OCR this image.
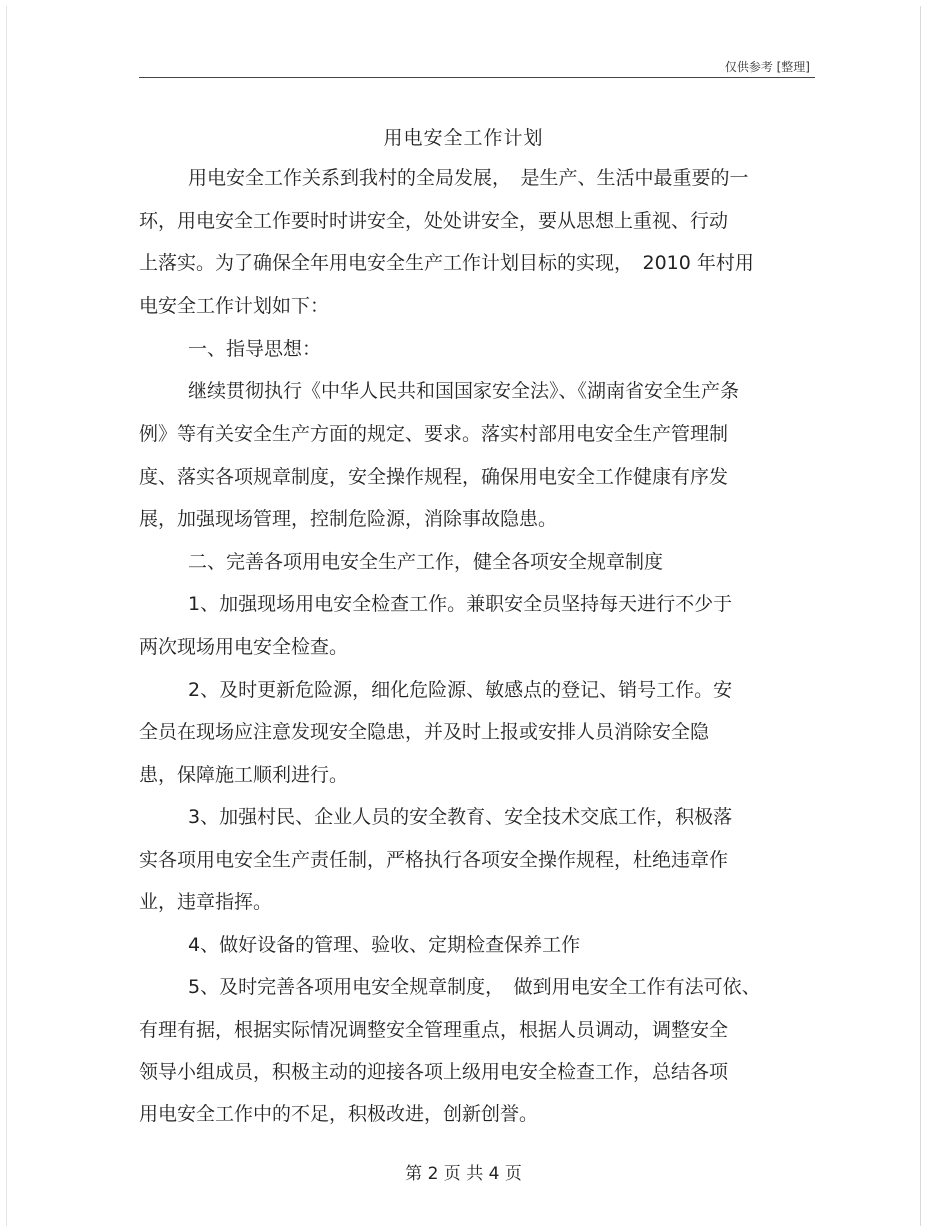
仅供参考 [整理]
用电安全工作计划
用电安全工作关系到我村的全局发展，　是生产、生活中最重要的一
环，用电安全工作要时时讲安全，处处讲安全，要从思想上重视、行动
上落实。为了确保全年用电安全生产工作计划目标的实现，　2010 年村用
电安全工作计划如下：
一、指导思想：
继续贯彻执行《中华人民共和国国家安全法》、《湖南省安全生产条
例》等有关安全生产方面的规定、要求。落实村部用电安全生产管理制
度、落实各项规章制度，安全操作规程，确保用电安全工作健康有序发
展，加强现场管理，控制危险源，消除事故隐患。
二、完善各项用电安全生产工作，健全各项安全规章制度
1、加强现场用电安全检查工作。兼职安全员坚持每天进行不少于
两次现场用电安全检查。
2、及时更新危险源，细化危险源、敏感点的登记、销号工作。安
全员在现场应注意发现安全隐患，并及时上报或安排人员消除安全隐
患，保障施工顺利进行。
3、加强村民、企业人员的安全教育、安全技术交底工作，积极落
实各项用电安全生产责任制，严格执行各项安全操作规程，杜绝违章作
业，违章指挥。
4、做好设备的管理、验收、定期检查保养工作
5、及时完善各项用电安全规章制度，　做到用电安全工作有法可依、
有理有据，根据实际情况调整安全管理重点，根据人员调动，调整安全
领导小组成员，积极主动的迎接各项上级用电安全检查工作，总结各项
用电安全工作中的不足，积极改进，创新创誉。
第 2 页 共 4 页
